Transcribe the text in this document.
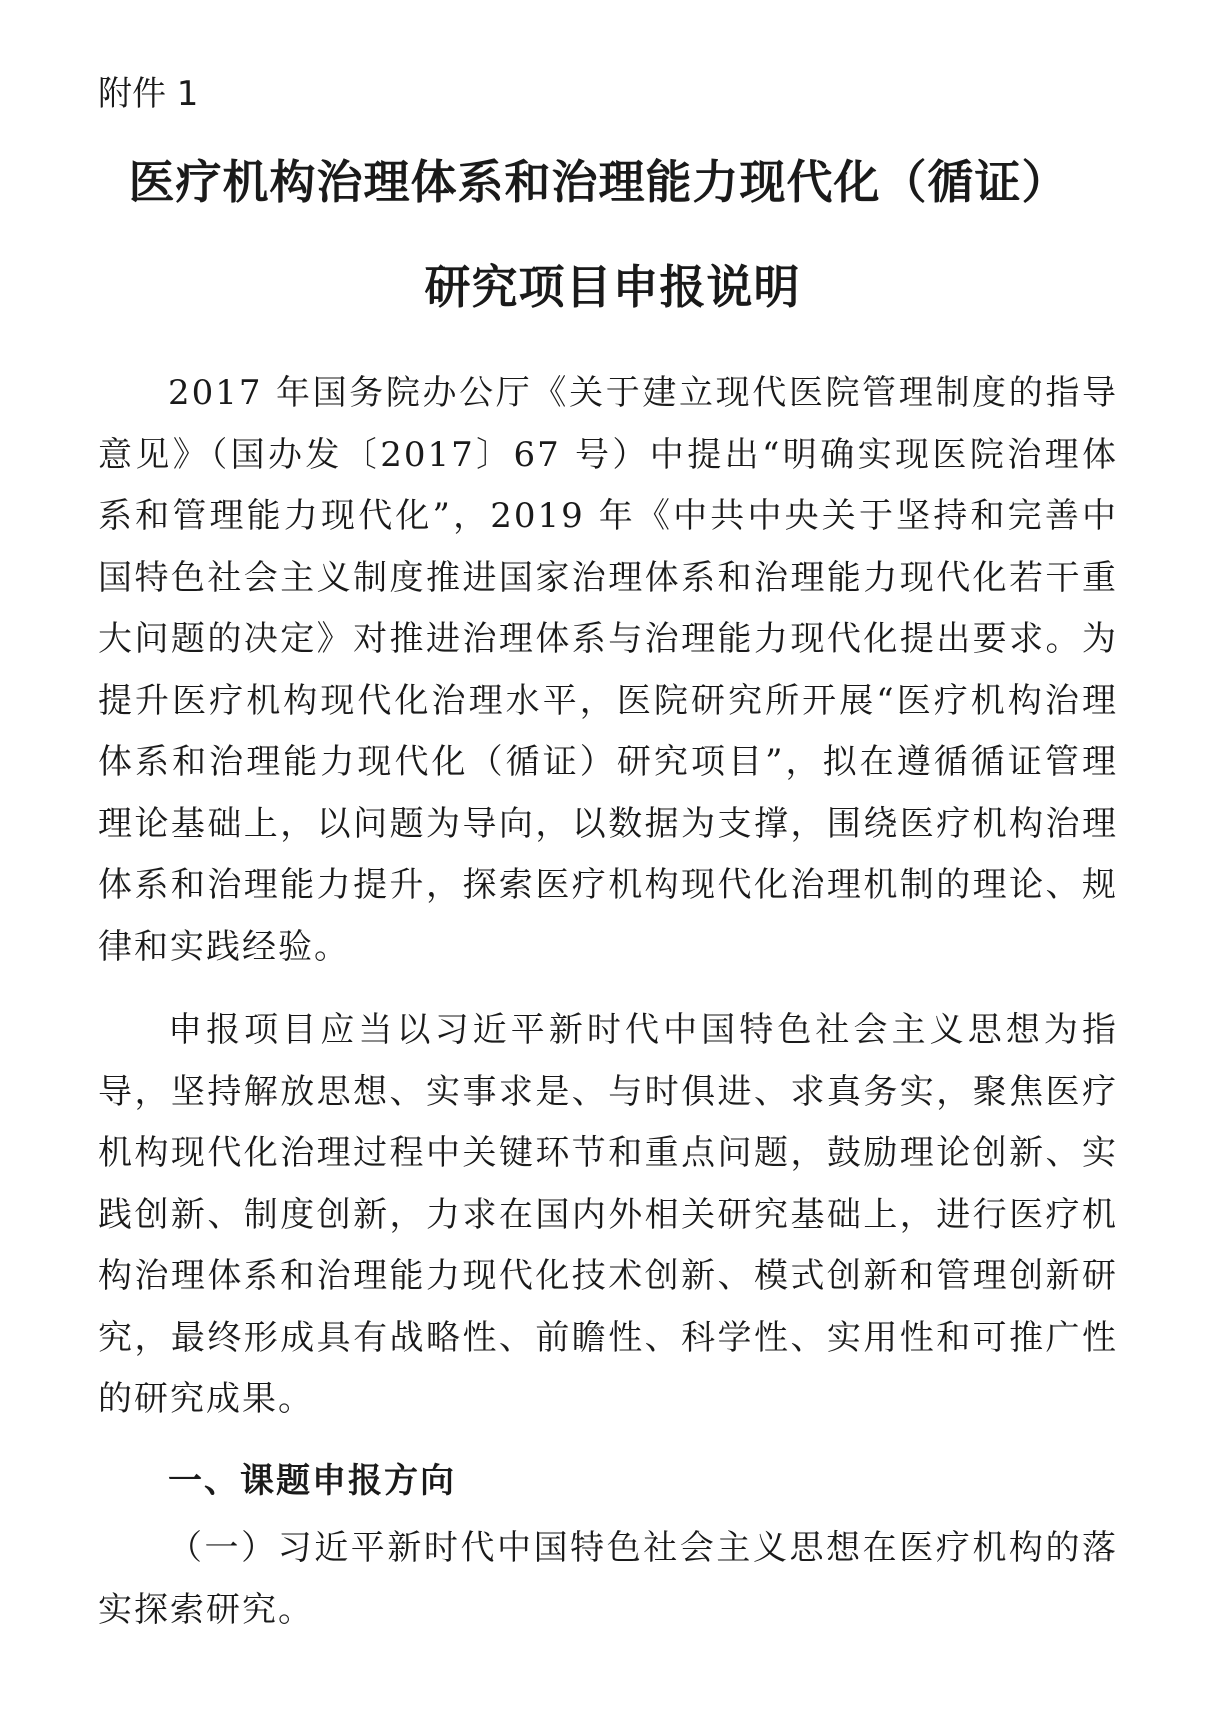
附件 1
医疗机构治理体系和治理能力现代化（循证）
研究项目申报说明

2017 年国务院办公厅《关于建立现代医院管理制度的指导意见》（国办发〔2017〕67 号）中提出“明确实现医院治理体系和管理能力现代化”，2019 年《中共中央关于坚持和完善中国特色社会主义制度推进国家治理体系和治理能力现代化若干重大问题的决定》对推进治理体系与治理能力现代化提出要求。为提升医疗机构现代化治理水平，医院研究所开展“医疗机构治理体系和治理能力现代化（循证）研究项目”，拟在遵循循证管理理论基础上，以问题为导向，以数据为支撑，围绕医疗机构治理体系和治理能力提升，探索医疗机构现代化治理机制的理论、规律和实践经验。

申报项目应当以习近平新时代中国特色社会主义思想为指导，坚持解放思想、实事求是、与时俱进、求真务实，聚焦医疗机构现代化治理过程中关键环节和重点问题，鼓励理论创新、实践创新、制度创新，力求在国内外相关研究基础上，进行医疗机构治理体系和治理能力现代化技术创新、模式创新和管理创新研究，最终形成具有战略性、前瞻性、科学性、实用性和可推广性的研究成果。

一、课题申报方向

（一）习近平新时代中国特色社会主义思想在医疗机构的落实探索研究。
